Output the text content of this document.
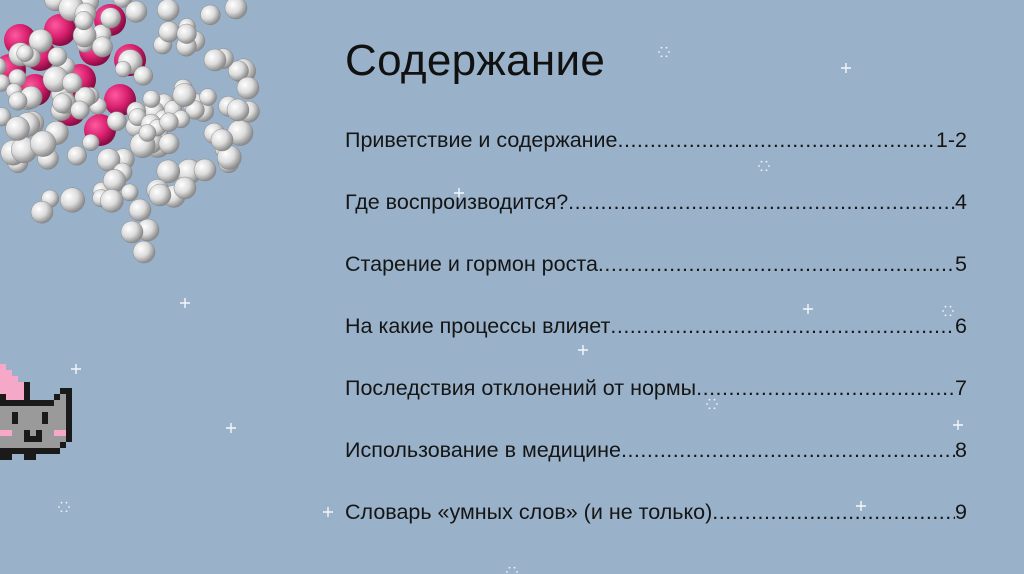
Содержание
Приветствие и содержание .....	1-2
Где воспроизводится? .....	4
Старение и гормон роста .....	5
На какие процессы влияет .....	6
Последствия отклонений от нормы .....	7
Использование в медицине .....	8
Словарь «умных слов» (и не только) .....	9
